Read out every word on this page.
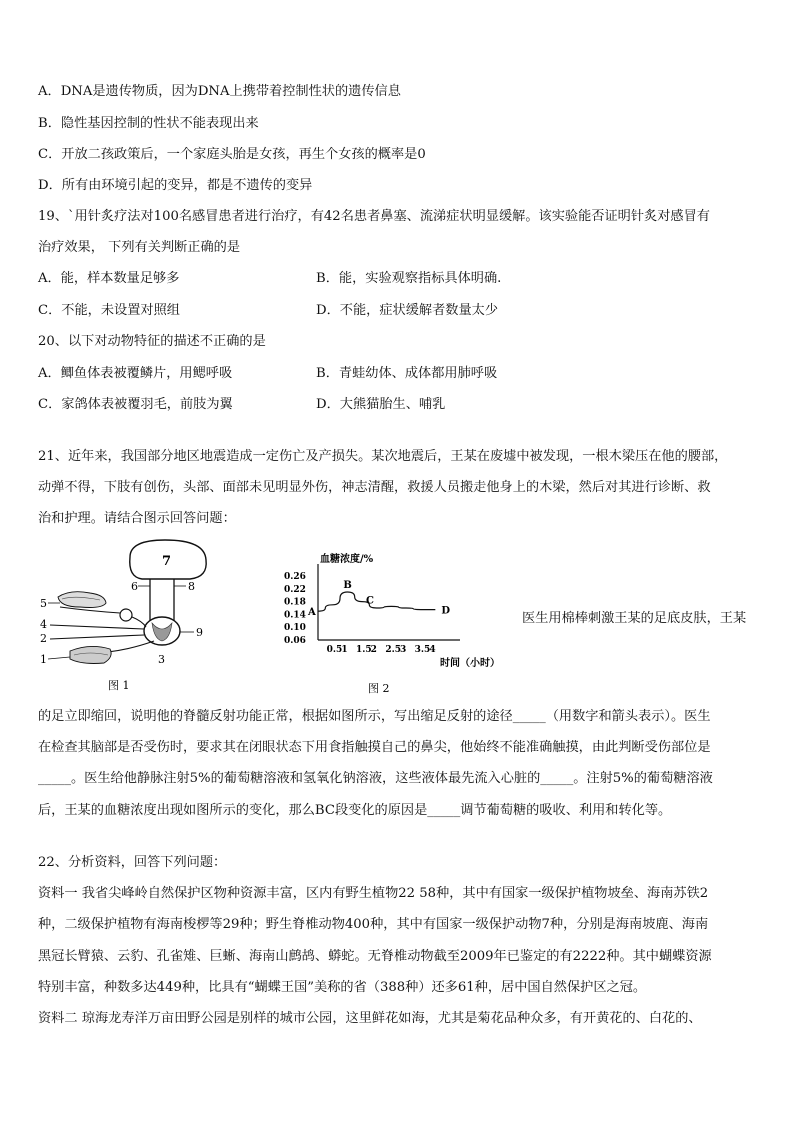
A．DNA是遗传物质，因为DNA上携带着控制性状的遗传信息
B．隐性基因控制的性状不能表现出来
C．开放二孩政策后，一个家庭头胎是女孩，再生个女孩的概率是0
D．所有由环境引起的变异，都是不遗传的变异
19、`用针炙疗法对100名感冒患者进行治疗，有42名患者鼻塞、流涕症状明显缓解。该实验能否证明针炙对感冒有
治疗效果， 下列有关判断正确的是
A．能，样本数量足够多	B．能，实验观察指标具体明确.
C．不能，未设置对照组	D．不能，症状缓解者数量太少
20、以下对动物特征的描述不正确的是
A．鲫鱼体表被覆鳞片，用鳃呼吸	B．青蛙幼体、成体都用肺呼吸
C．家鸽体表被覆羽毛，前肢为翼	D．大熊猫胎生、哺乳
21、近年来，我国部分地区地震造成一定伤亡及产损失。某次地震后，王某在废墟中被发现，一根木梁压在他的腰部，
动弹不得，下肢有创伤，头部、面部未见明显外伤，神志清醒，救援人员搬走他身上的木梁，然后对其进行诊断、救
治和护理。请结合图示回答问题：
7
6	8
3
9
5
4
2
1
图 1
血糖浓度/%
时间（小时）
0.26
0.22
0.18
0.14
0.10
0.06
0.5
1 1.5
2 2.5
3 3.5
4
A
B
C
D
图 2
医生用棉棒刺激王某的足底皮肤，王某
的足立即缩回，说明他的脊髓反射功能正常，根据如图所示，写出缩足反射的途径_____（用数字和箭头表示）。医生
在检查其脑部是否受伤时，要求其在闭眼状态下用食指触摸自己的鼻尖，他始终不能准确触摸，由此判断受伤部位是
_____。医生给他静脉注射5%的葡萄糖溶液和氢氧化钠溶液，这些液体最先流入心脏的_____。注射5%的葡萄糖溶液
后，王某的血糖浓度出现如图所示的变化，那么BC段变化的原因是_____调节葡萄糖的吸收、利用和转化等。
22、分析资料，回答下列问题：
资料一 我省尖峰岭自然保护区物种资源丰富，区内有野生植物22 58种，其中有国家一级保护植物坡垒、海南苏铁2
种，二级保护植物有海南梭椤等29种；野生脊椎动物400种，其中有国家一级保护动物7种，分别是海南坡鹿、海南
黑冠长臂猿、云豹、孔雀雉、巨蜥、海南山鹧鸪、蟒蛇。无脊椎动物截至2009年已鉴定的有2222种。其中蝴蝶资源
特别丰富，种数多达449种，比具有“蝴蝶王国”美称的省（388种）还多61种，居中国自然保护区之冠。
资料二 琼海龙寿洋万亩田野公园是别样的城市公园，这里鲜花如海，尤其是菊花品种众多，有开黄花的、白花的、
